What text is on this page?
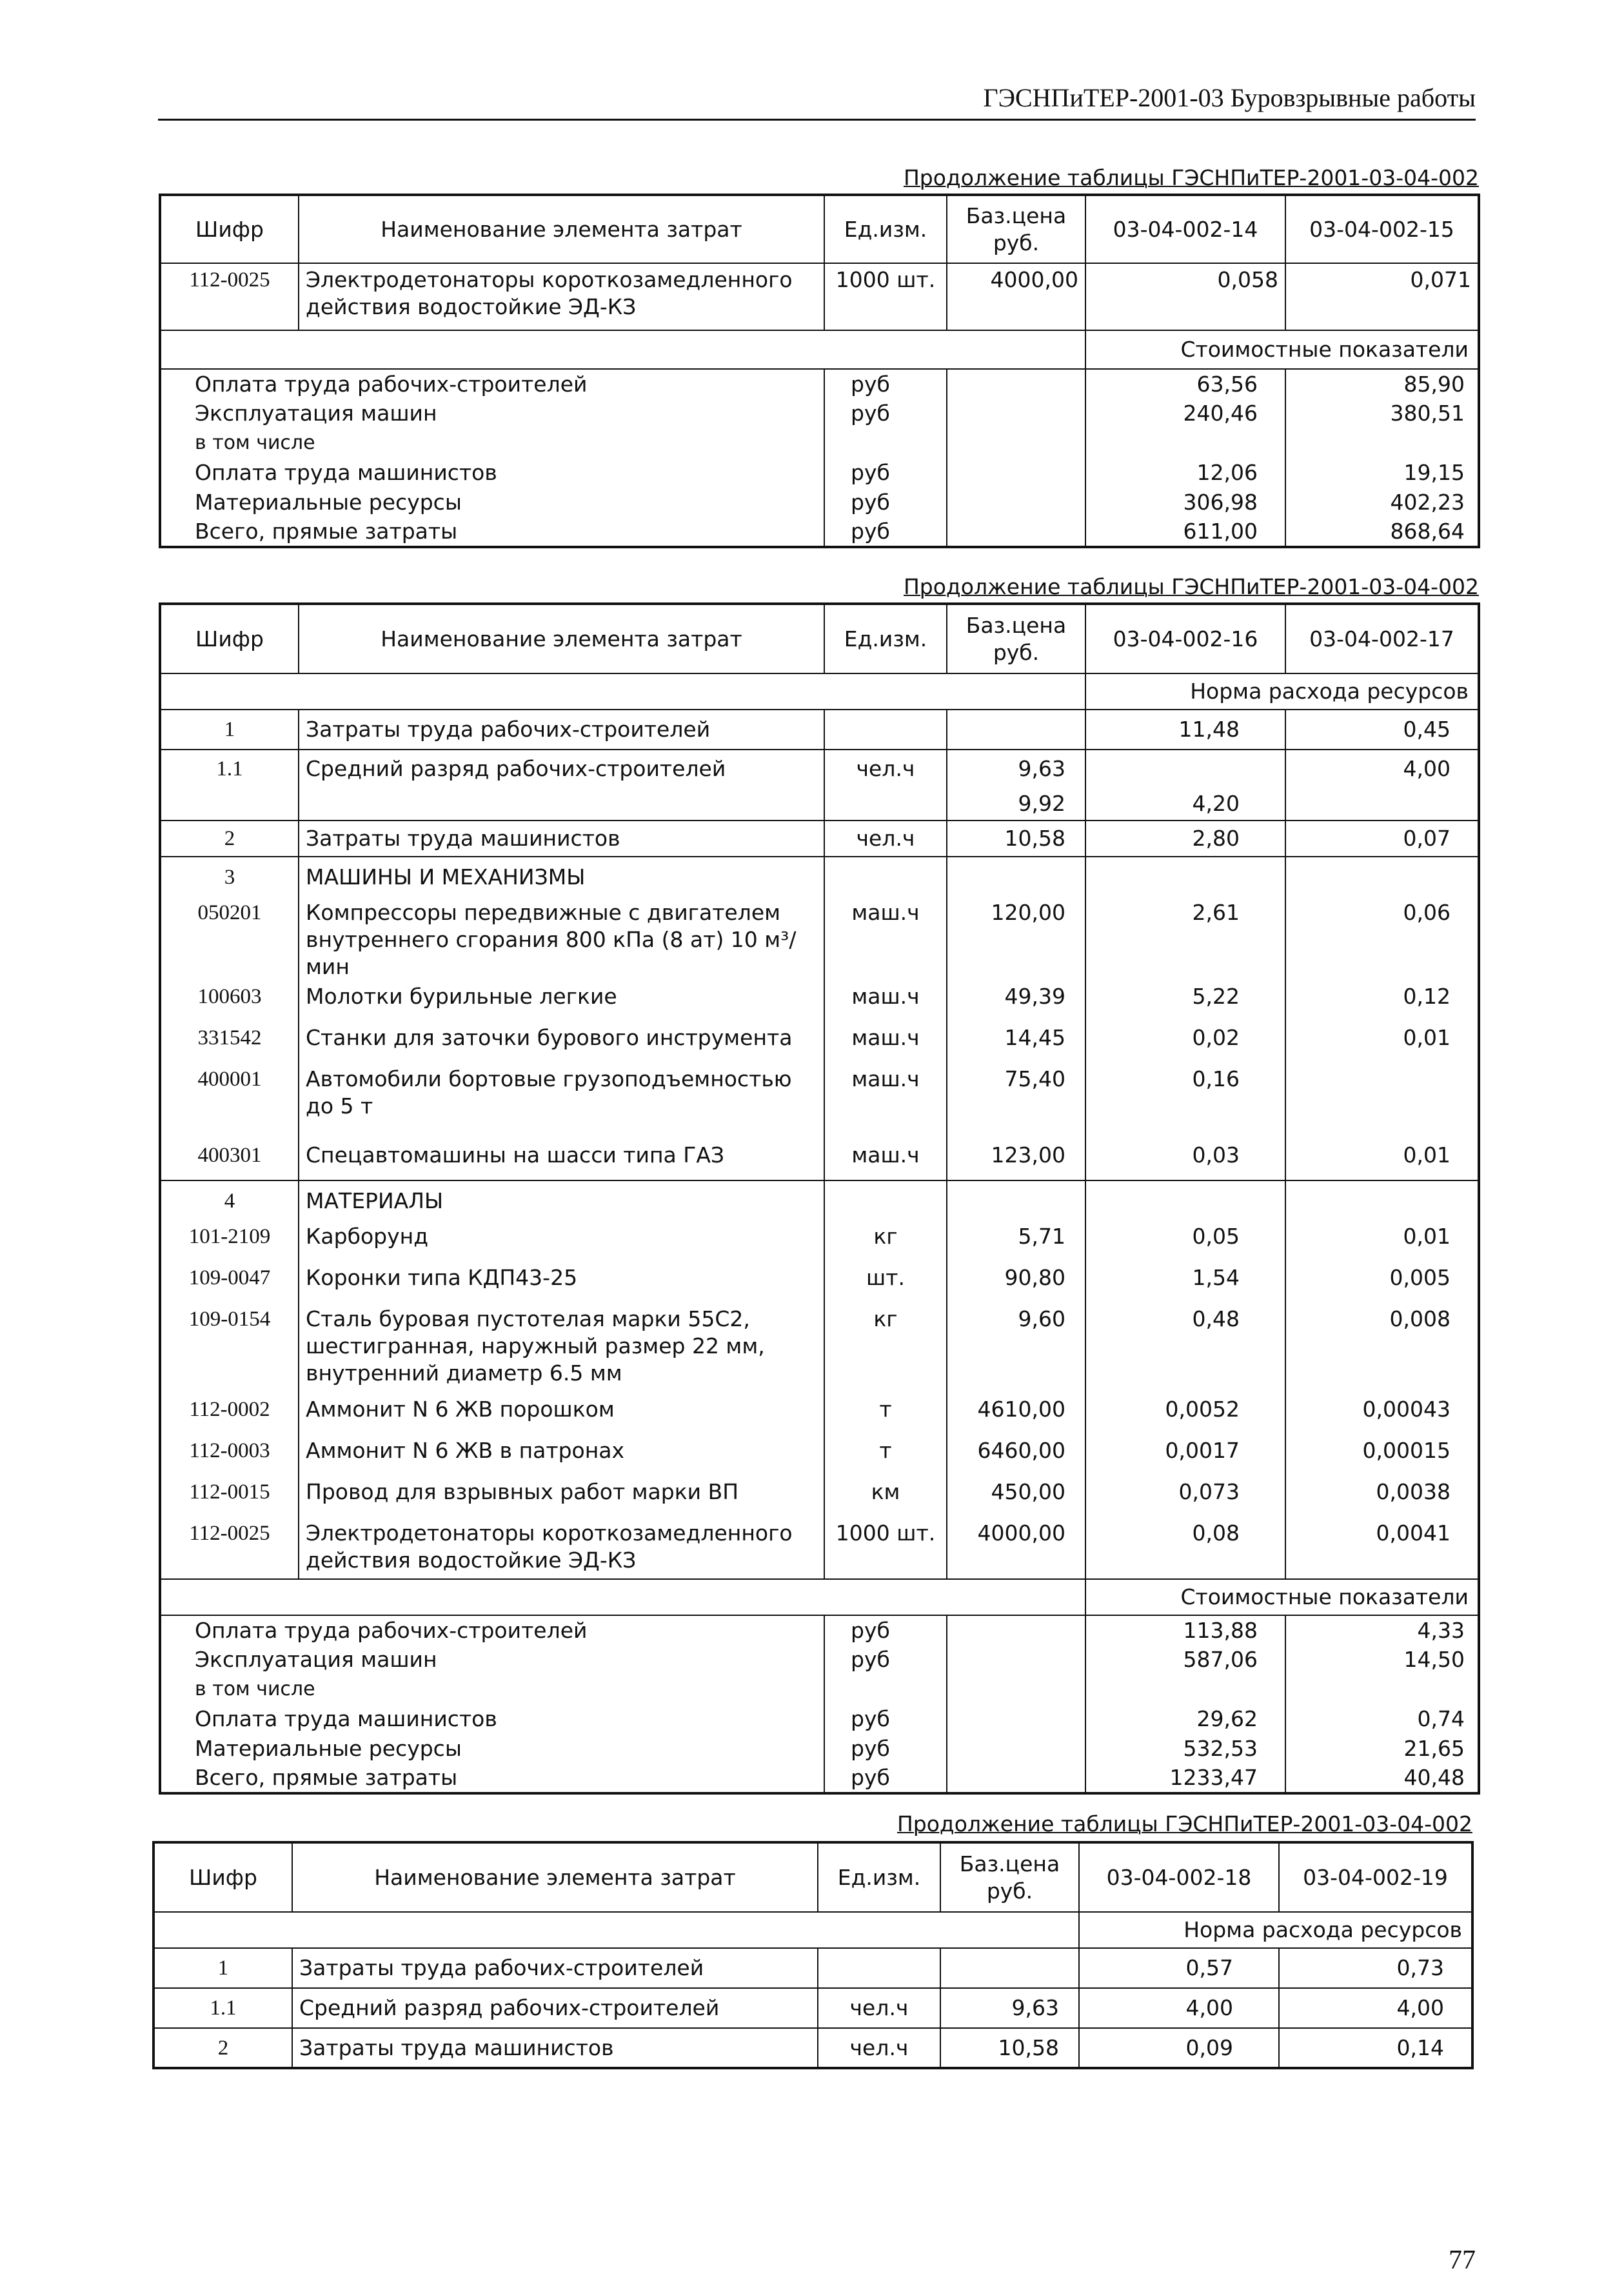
ГЭСНПиТЕР-2001-03 Буровзрывные работы
Продолжение таблицы ГЭСНПиТЕР-2001-03-04-002
Шифр	Наименование элемента затрат	Ед.изм.	Баз.цена руб.	03-04-002-14	03-04-002-15
112-0025	Электродетонаторы короткозамедленного действия водостойкие ЭД-КЗ	1000 шт.	4000,00	0,058	0,071
				Стоимостные показатели	
Оплата труда рабочих-строителей		руб		63,56	85,90
Эксплуатация машин		руб		240,46	380,51
в том числе					
Оплата труда машинистов		руб		12,06	19,15
Материальные ресурсы		руб		306,98	402,23
Всего, прямые затраты		руб		611,00	868,64
Продолжение таблицы ГЭСНПиТЕР-2001-03-04-002
Шифр	Наименование элемента затрат	Ед.изм.	Баз.цена руб.	03-04-002-16	03-04-002-17
				Норма расхода ресурсов	
1	Затраты труда рабочих-строителей			11,48	0,45
1.1	Средний разряд рабочих-строителей	чел.ч	9,63		4,00
			9,92	4,20	
2	Затраты труда машинистов	чел.ч	10,58	2,80	0,07
3	МАШИНЫ И МЕХАНИЗМЫ				
050201	Компрессоры передвижные с двигателем внутреннего сгорания 800 кПа (8 ат) 10 м³/мин	маш.ч	120,00	2,61	0,06
100603	Молотки бурильные легкие	маш.ч	49,39	5,22	0,12
331542	Станки для заточки бурового инструмента	маш.ч	14,45	0,02	0,01
400001	Автомобили бортовые грузоподъемностью до 5 т	маш.ч	75,40	0,16	
400301	Спецавтомашины на шасси типа ГАЗ	маш.ч	123,00	0,03	0,01
4	МАТЕРИАЛЫ				
101-2109	Карборунд	кг	5,71	0,05	0,01
109-0047	Коронки типа КДП43-25	шт.	90,80	1,54	0,005
109-0154	Сталь буровая пустотелая марки 55С2, шестигранная, наружный размер 22 мм, внутренний диаметр 6.5 мм	кг	9,60	0,48	0,008
112-0002	Аммонит N 6 ЖВ порошком	т	4610,00	0,0052	0,00043
112-0003	Аммонит N 6 ЖВ в патронах	т	6460,00	0,0017	0,00015
112-0015	Провод для взрывных работ марки ВП	км	450,00	0,073	0,0038
112-0025	Электродетонаторы короткозамедленного действия водостойкие ЭД-КЗ	1000 шт.	4000,00	0,08	0,0041
				Стоимостные показатели	
Оплата труда рабочих-строителей		руб		113,88	4,33
Эксплуатация машин		руб		587,06	14,50
в том числе					
Оплата труда машинистов		руб		29,62	0,74
Материальные ресурсы		руб		532,53	21,65
Всего, прямые затраты		руб		1233,47	40,48
Продолжение таблицы ГЭСНПиТЕР-2001-03-04-002
Шифр	Наименование элемента затрат	Ед.изм.	Баз.цена руб.	03-04-002-18	03-04-002-19
				Норма расхода ресурсов	
1	Затраты труда рабочих-строителей			0,57	0,73
1.1	Средний разряд рабочих-строителей	чел.ч	9,63	4,00	4,00
2	Затраты труда машинистов	чел.ч	10,58	0,09	0,14
77
